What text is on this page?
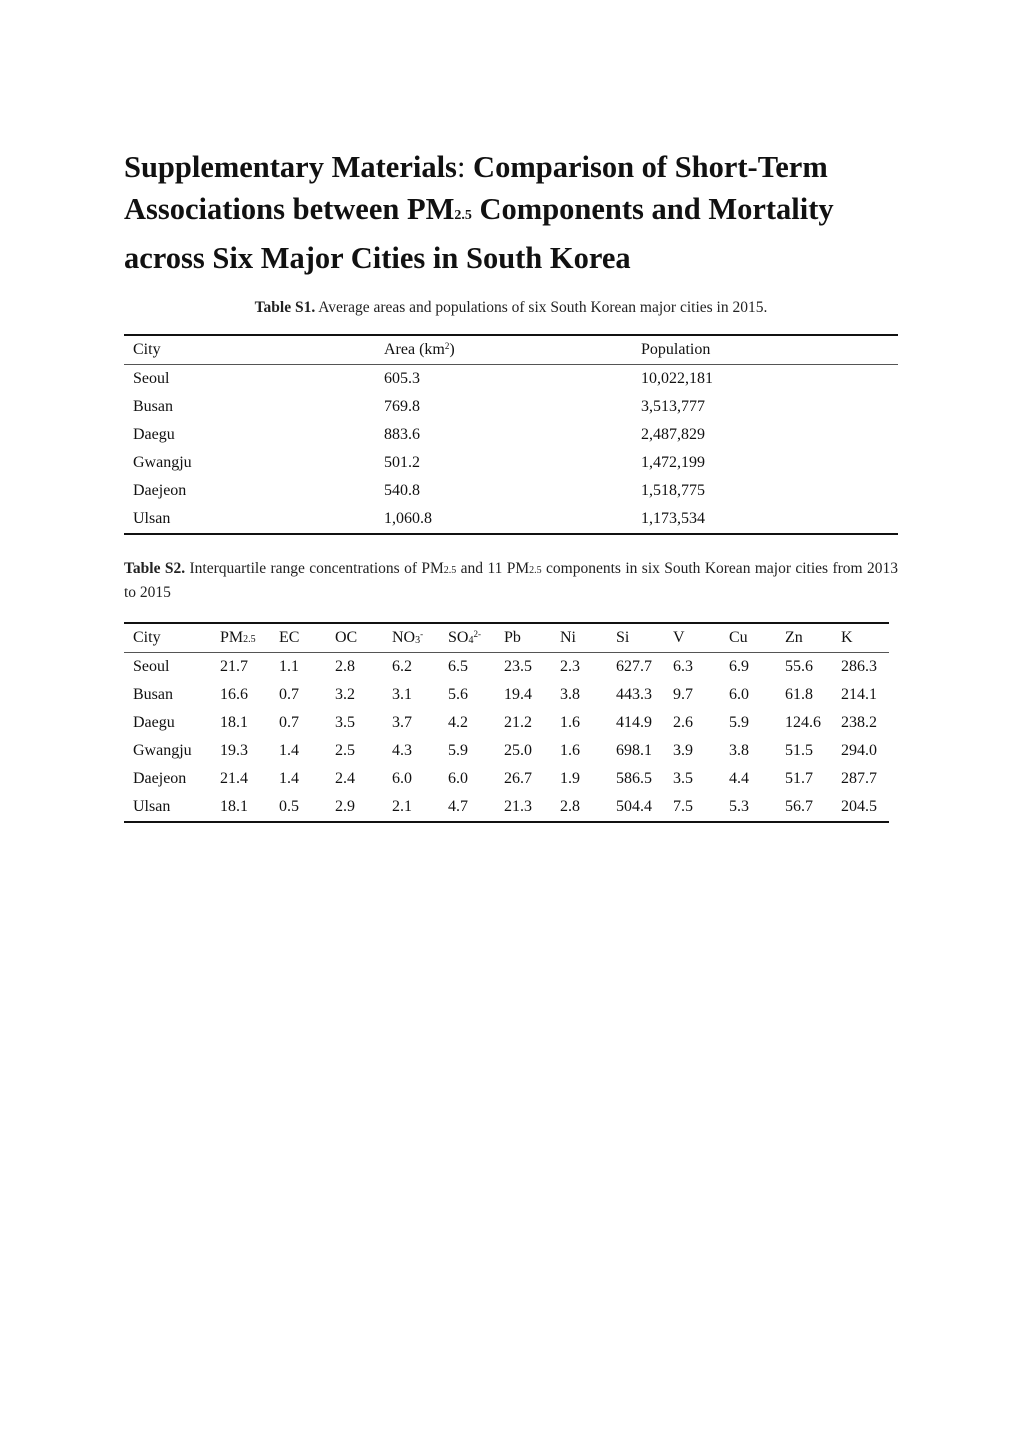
Supplementary Materials: Comparison of Short-Term Associations between PM2.5 Components and Mortality across Six Major Cities in South Korea
Table S1. Average areas and populations of six South Korean major cities in 2015.
City	Area $(km^2)$	Population
Seoul	605.3	10,022,181
Busan	769.8	3,513,777
Daegu	883.6	2,487,829
Gwangju	501.2	1,472,199
Daejeon	540.8	1,518,775
Ulsan	1,060.8	1,173,534
Table S2. Interquartile range concentrations of PM2.5 and 11 PM2.5 components in six South Korean major cities from 2013 to 2015
City	PM2.5	EC	OC	NO3-	$SO4^{2-}$	Pb	Ni	Si	V	Cu	Zn	K
Seoul	21.7	1.1	2.8	6.2	6.5	23.5	2.3	627.7	6.3	6.9	55.6	286.3
Busan	16.6	0.7	3.2	3.1	5.6	19.4	3.8	443.3	9.7	6.0	61.8	214.1
Daegu	18.1	0.7	3.5	3.7	4.2	21.2	1.6	414.9	2.6	5.9	124.6	238.2
Gwangju	19.3	1.4	2.5	4.3	5.9	25.0	1.6	698.1	3.9	3.8	51.5	294.0
Daejeon	21.4	1.4	2.4	6.0	6.0	26.7	1.9	586.5	3.5	4.4	51.7	287.7
Ulsan	18.1	0.5	2.9	2.1	4.7	21.3	2.8	504.4	7.5	5.3	56.7	204.5
